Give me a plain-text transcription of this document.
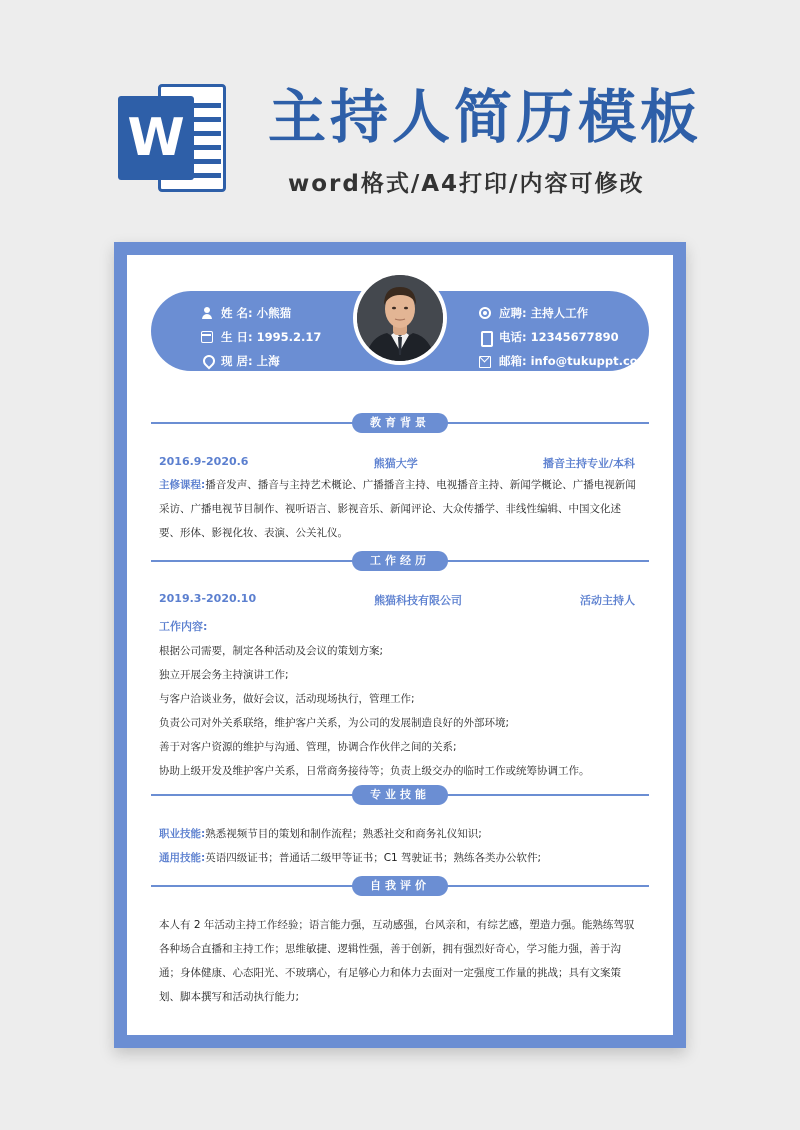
W 主持人简历模板
word格式/A4打印/内容可修改
姓 名: 小熊猫
生 日: 1995.2.17
现 居: 上海
应聘: 主持人工作
电话: 12345677890
邮箱: info@tukuppt.com
教育背景
2016.9-2020.6	熊猫大学	播音主持专业/本科
主修课程:播音发声、播音与主持艺术概论、广播播音主持、电视播音主持、新闻学概论、广播电视新闻采访、广播电视节目制作、视听语言、影视音乐、新闻评论、大众传播学、非线性编辑、中国文化述要、形体、影视化妆、表演、公关礼仪。
工作经历
2019.3-2020.10	熊猫科技有限公司	活动主持人
工作内容:
根据公司需要，制定各种活动及会议的策划方案;
独立开展会务主持演讲工作;
与客户洽谈业务，做好会议，活动现场执行，管理工作;
负责公司对外关系联络，维护客户关系，为公司的发展制造良好的外部环境;
善于对客户资源的维护与沟通、管理，协调合作伙伴之间的关系;
协助上级开发及维护客户关系，日常商务接待等；负责上级交办的临时工作或统筹协调工作。
专业技能
职业技能:熟悉视频节目的策划和制作流程；熟悉社交和商务礼仪知识;
通用技能:英语四级证书；普通话二级甲等证书；C1 驾驶证书；熟练各类办公软件;
自我评价
本人有 2 年活动主持工作经验；语言能力强，互动感强，台风亲和，有综艺感，塑造力强。能熟练驾驭各种场合直播和主持工作；思维敏捷、逻辑性强，善于创新，拥有强烈好奇心，学习能力强，善于沟通；身体健康、心态阳光、不玻璃心，有足够心力和体力去面对一定强度工作量的挑战；具有文案策划、脚本撰写和活动执行能力;
